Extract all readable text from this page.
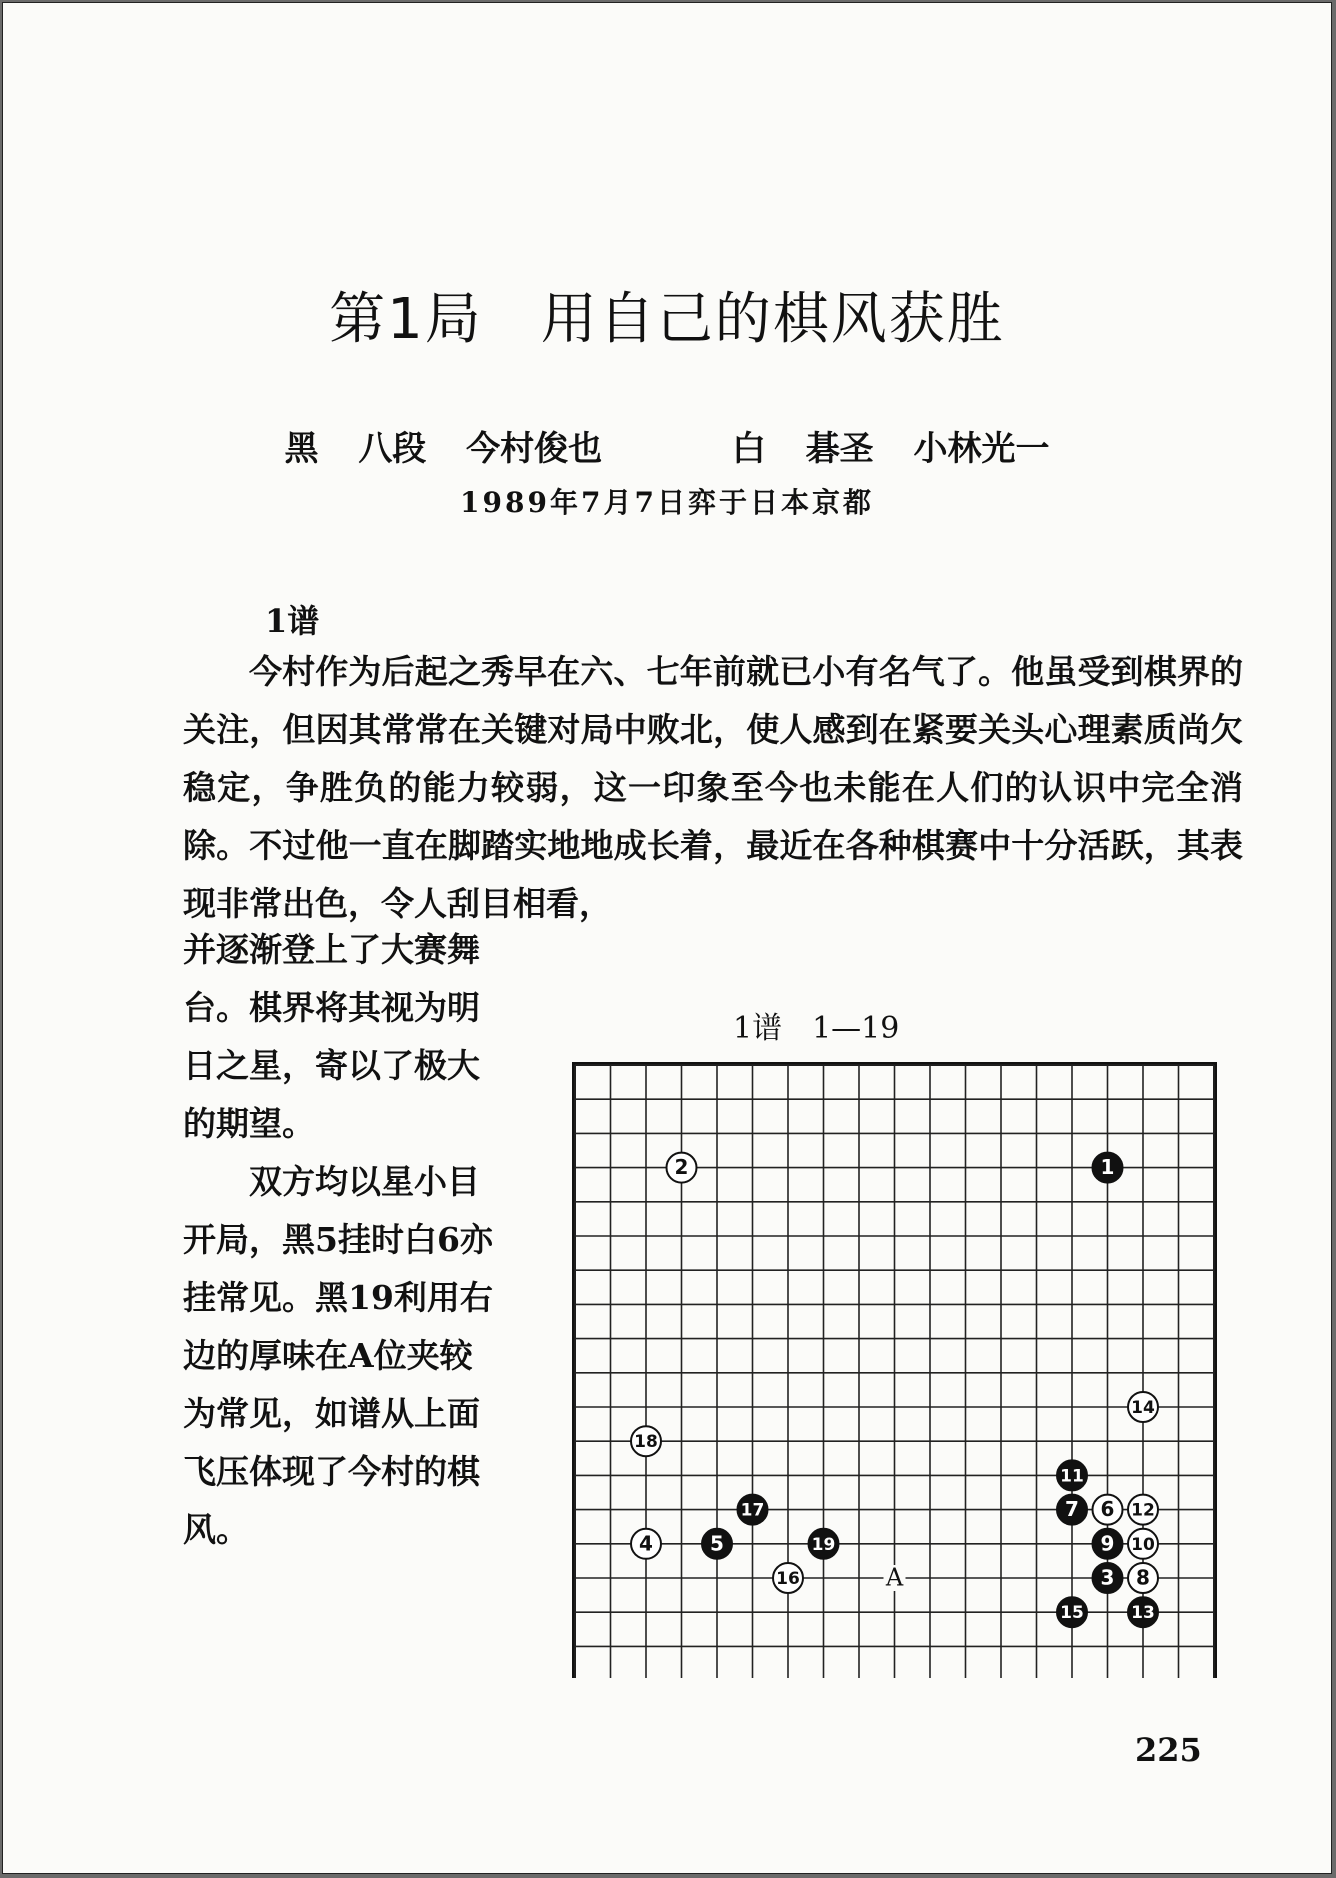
第1局　用自己的棋风获胜
黑 八段 今村俊也	白 碁圣 小林光一
1989年7月7日弈于日本京都
1谱
今村作为后起之秀早在六、七年前就已小有名气了。他虽受到棋界的关注，但因其常常在关键对局中败北，使人感到在紧要关头心理素质尚欠稳定，争胜负的能力较弱，这一印象至今也未能在人们的认识中完全消除。不过他一直在脚踏实地地成长着，最近在各种棋赛中十分活跃，其表现非常出色，令人刮目相看，

并逐渐登上了大赛舞台。棋界将其视为明日之星，寄以了极大的期望。

双方均以星小目开局，黑5挂时白6亦挂常见。黑19利用右边的厚味在A位夹较为常见，如谱从上面飞压体现了今村的棋风。

1谱　1—19
1
2
3
4	5
6
7
8
9 10
11
12
13
14
15
16
17
18
19
A
225
